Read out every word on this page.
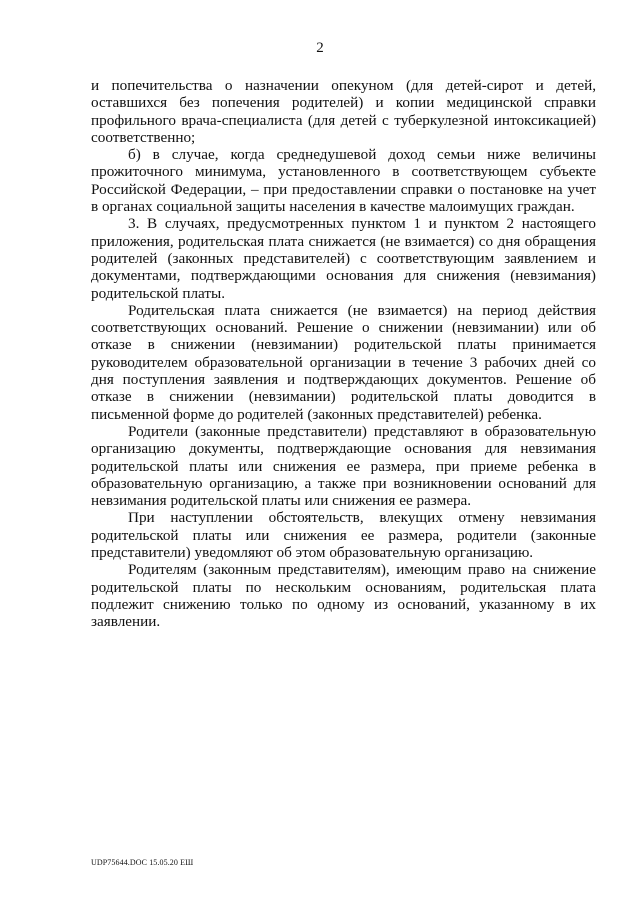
2

и попечительства о назначении опекуном (для детей-сирот и детей, оставшихся без попечения родителей) и копии медицинской справки профильного врача-специалиста (для детей с туберкулезной интоксикацией) соответственно;

б) в случае, когда среднедушевой доход семьи ниже величины прожиточного минимума, установленного в соответствующем субъекте Российской Федерации, – при предоставлении справки о постановке на учет в органах социальной защиты населения в качестве малоимущих граждан.

3. В случаях, предусмотренных пунктом 1 и пунктом 2 настоящего приложения, родительская плата снижается (не взимается) со дня обращения родителей (законных представителей) с соответствующим заявлением и документами, подтверждающими основания для снижения (невзимания) родительской платы.

Родительская плата снижается (не взимается) на период действия соответствующих оснований. Решение о снижении (невзимании) или об отказе в снижении (невзимании) родительской платы принимается руководителем образовательной организации в течение 3 рабочих дней со дня поступления заявления и подтверждающих документов. Решение об отказе в снижении (невзимании) родительской платы доводится в письменной форме до родителей (законных представителей) ребенка.

Родители (законные представители) представляют в образовательную организацию документы, подтверждающие основания для невзимания родительской платы или снижения ее размера, при приеме ребенка в образовательную организацию, а также при возникновении оснований для невзимания родительской платы или снижения ее размера.

При наступлении обстоятельств, влекущих отмену невзимания родительской платы или снижения ее размера, родители (законные представители) уведомляют об этом образовательную организацию.

Родителям (законным представителям), имеющим право на снижение родительской платы по нескольким основаниям, родительская плата подлежит снижению только по одному из оснований, указанному в их заявлении.

UDP75644.DOC 15.05.20 ЕШ
